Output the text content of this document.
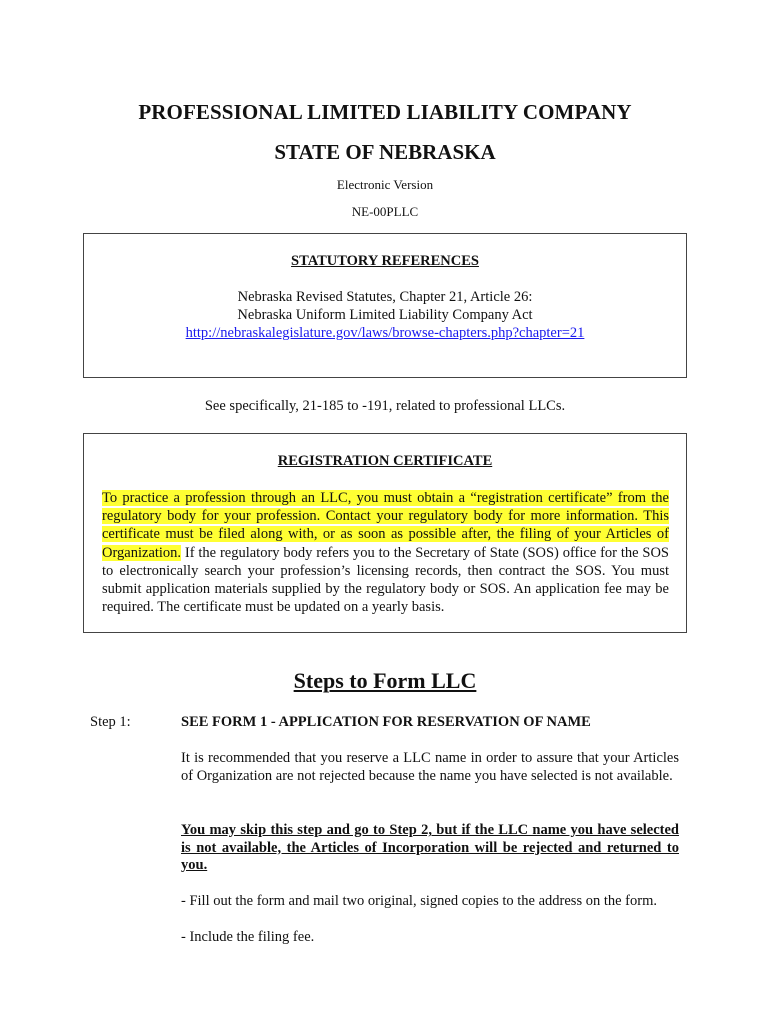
PROFESSIONAL LIMITED LIABILITY COMPANY
STATE OF NEBRASKA
Electronic Version
NE-00PLLC
STATUTORY REFERENCES
Nebraska Revised Statutes, Chapter 21, Article 26:
Nebraska Uniform Limited Liability Company Act
http://nebraskalegislature.gov/laws/browse-chapters.php?chapter=21
See specifically, 21-185 to -191, related to professional LLCs.
REGISTRATION CERTIFICATE
To practice a profession through an LLC, you must obtain a “registration certificate” from the regulatory body for your profession. Contact your regulatory body for more information. This certificate must be filed along with, or as soon as possible after, the filing of your Articles of Organization. If the regulatory body refers you to the Secretary of State (SOS) office for the SOS to electronically search your profession’s licensing records, then contract the SOS. You must submit application materials supplied by the regulatory body or SOS. An application fee may be required. The certificate must be updated on a yearly basis.
Steps to Form LLC
Step 1:	SEE FORM 1 - APPLICATION FOR RESERVATION OF NAME
It is recommended that you reserve a LLC name in order to assure that your Articles of Organization are not rejected because the name you have selected is not available.
You may skip this step and go to Step 2, but if the LLC name you have selected is not available, the Articles of Incorporation will be rejected and returned to you.
- Fill out the form and mail two original, signed copies to the address on the form.
- Include the filing fee.
